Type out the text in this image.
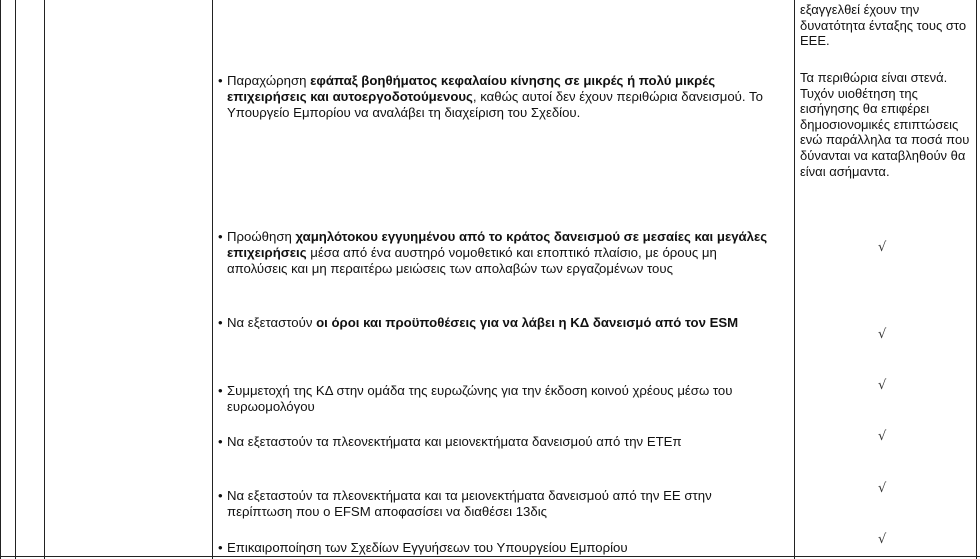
εξαγγελθεί έχουν την δυνατότητα ένταξης τους στο ΕΕΕ.
Τα περιθώρια είναι στενά. Τυχόν υιοθέτηση της εισήγησης θα επιφέρει δημοσιονομικές επιπτώσεις ενώ παράλληλα τα ποσά που δύνανται να καταβληθούν θα είναι ασήμαντα.
• Παραχώρηση εφάπαξ βοηθήματος κεφαλαίου κίνησης σε μικρές ή πολύ μικρές επιχειρήσεις και αυτοεργοδοτούμενους, καθώς αυτοί δεν έχουν περιθώρια δανεισμού. Το Υπουργείο Εμπορίου να αναλάβει τη διαχείριση του Σχεδίου.
• Προώθηση χαμηλότοκου εγγυημένου από το κράτος δανεισμού σε μεσαίες και μεγάλες επιχειρήσεις μέσα από ένα αυστηρό νομοθετικό και εποπτικό πλαίσιο, με όρους μη απολύσεις και μη περαιτέρω μειώσεις των απολαβών των εργαζομένων τους
√
• Να εξεταστούν οι όροι και προϋποθέσεις για να λάβει η ΚΔ δανεισμό από τον ESM
√
• Συμμετοχή της ΚΔ στην ομάδα της ευρωζώνης για την έκδοση κοινού χρέους μέσω του ευρωομολόγου
√
• Να εξεταστούν τα πλεονεκτήματα και μειονεκτήματα δανεισμού από την ΕΤΕπ	√
• Να εξεταστούν τα πλεονεκτήματα και τα μειονεκτήματα δανεισμού από την ΕΕ στην περίπτωση που ο EFSM αποφασίσει να διαθέσει 13δις
√
• Επικαιροποίηση των Σχεδίων Εγγυήσεων του Υπουργείου Εμπορίου
√
